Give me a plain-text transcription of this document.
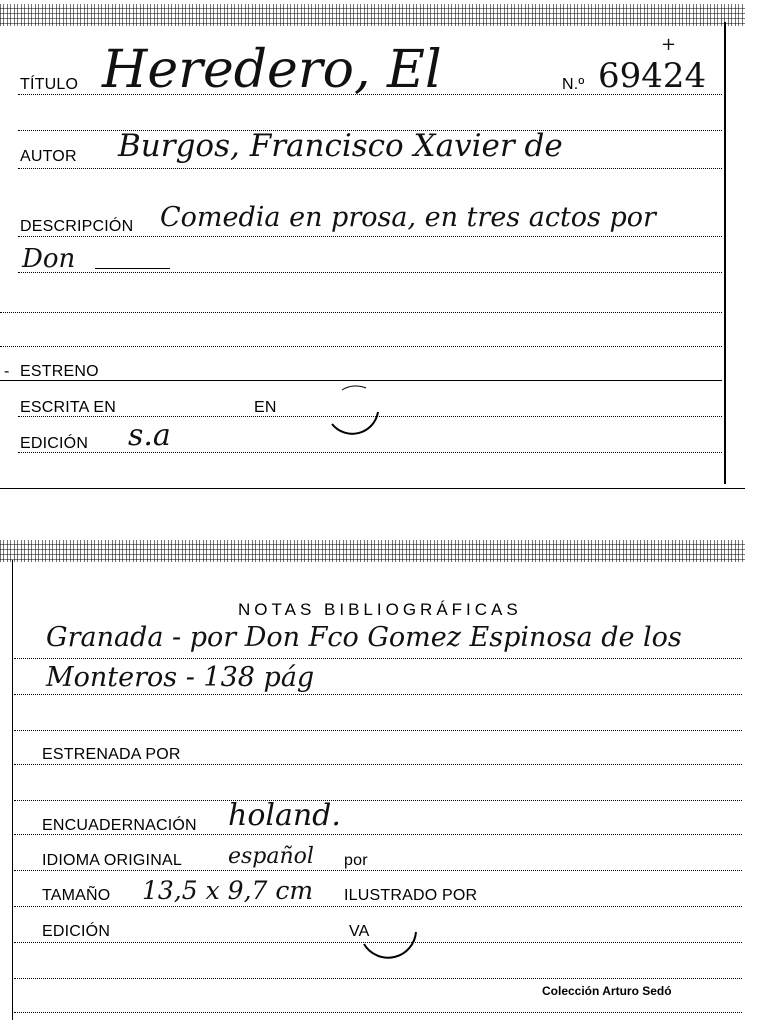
TÍTULO Heredero, El	N.º 69424
+
AUTOR Burgos, Francisco Xavier de
DESCRIPCIÓN Comedia en prosa, en tres actos por
Don
ESTRENO
-
ESCRITA EN	EN
EDICIÓN s.a
NOTAS BIBLIOGRÁFICAS
Granada - por Don Fco Gomez Espinosa de los
Monteros - 138 pág
ESTRENADA POR
ENCUADERNACIÓN holand.
IDIOMA ORIGINAL español por
TAMAÑO 13,5 x 9,7 cm ILUSTRADO POR
EDICIÓN	VA
Colección Arturo Sedó
